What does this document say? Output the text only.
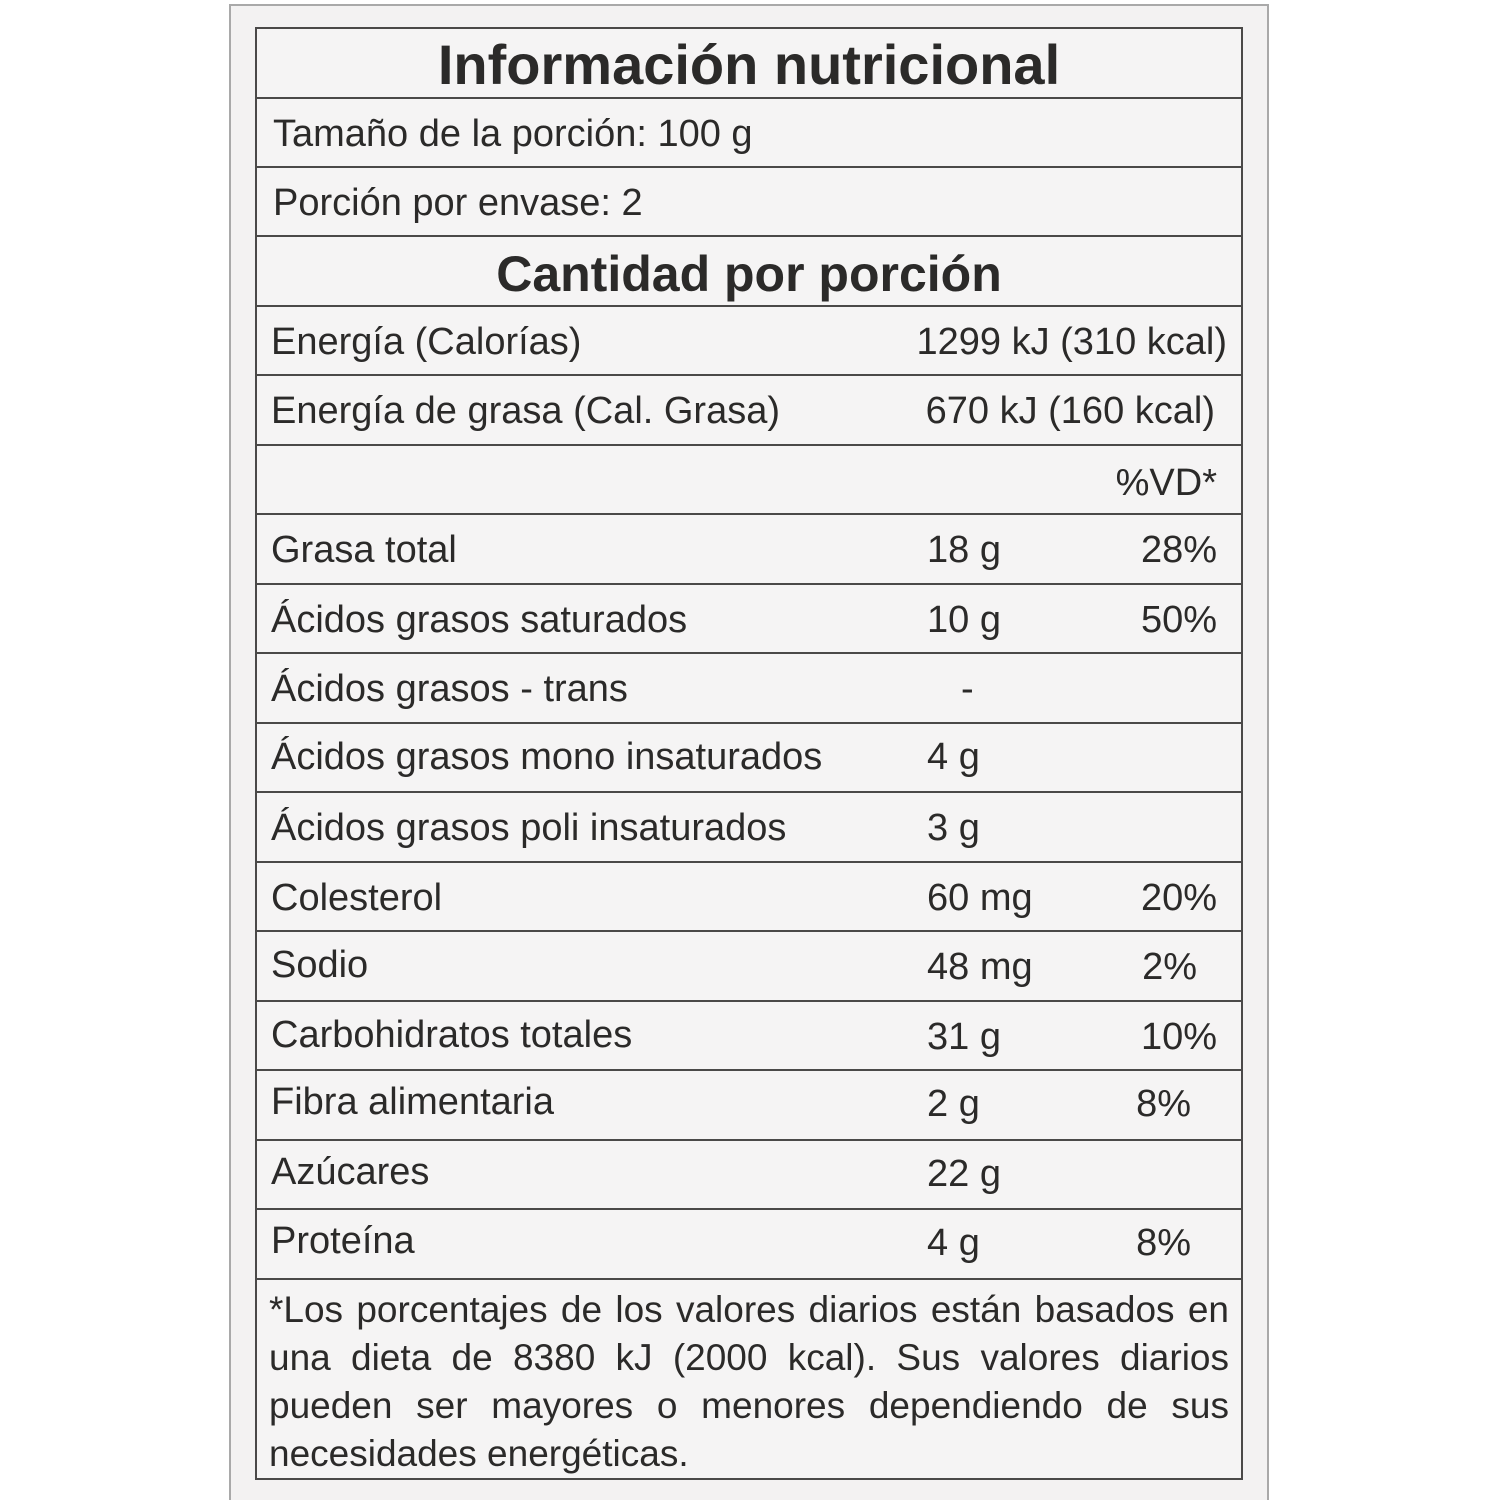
Información nutricional
Tamaño de la porción: 100 g
Porción por envase: 2
Cantidad por porción
Energía (Calorías)	1299 kJ (310 kcal)
Energía de grasa (Cal. Grasa)	670 kJ (160 kcal)
%VD*
Grasa total	18 g	28%
Ácidos grasos saturados	10 g	50%
Ácidos grasos - trans	-
Ácidos grasos mono insaturados	4 g
Ácidos grasos poli insaturados	3 g
Colesterol	60 mg	20%
Sodio	48 mg	2%
Carbohidratos totales	31 g	10%
Fibra alimentaria	2 g	8%
Azúcares	22 g
Proteína	4 g	8%
*Los porcentajes de los valores diarios están basados en una dieta de 8380 kJ (2000 kcal). Sus valores diarios pueden ser mayores o menores dependiendo de sus necesidades energéticas.
